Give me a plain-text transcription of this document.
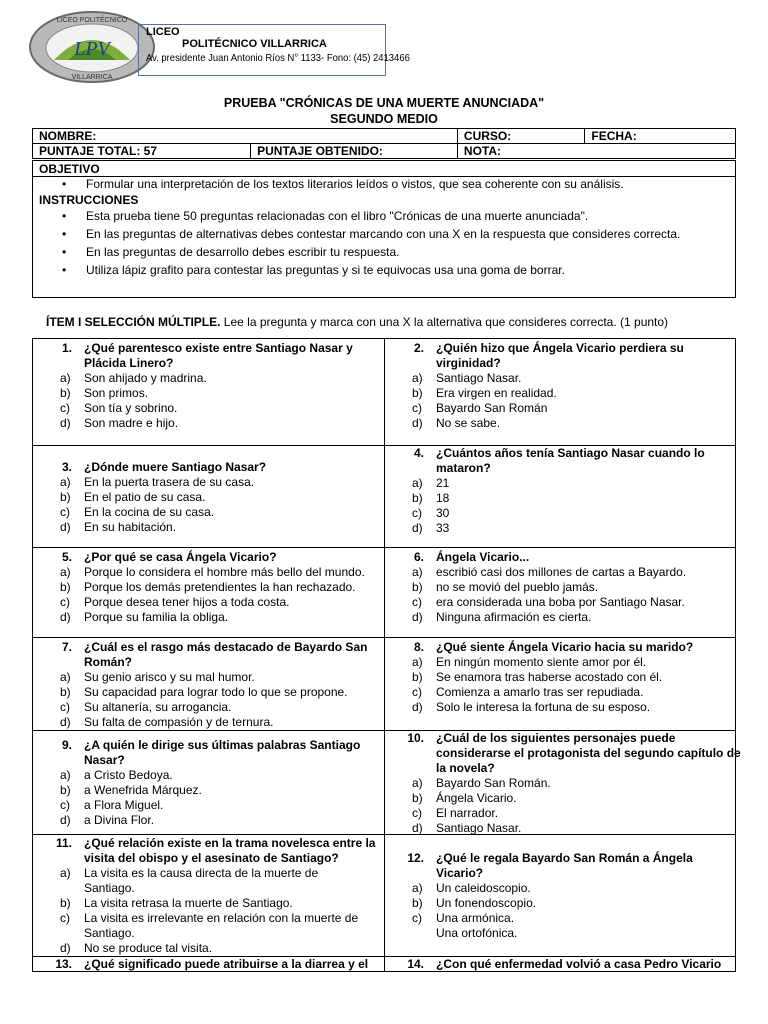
LPV
LICEO POLITÉCNICO
VILLARRICA
LICEO
POLITÉCNICO VILLARRICA
Av. presidente Juan Antonio Ríos N° 1133- Fono: (45) 2413466
PRUEBA "CRÓNICAS DE UNA MUERTE ANUNCIADA"
SEGUNDO MEDIO
NOMBRE:		CURSO:	FECHA:
PUNTAJE TOTAL: 57	PUNTAJE OBTENIDO:	NOTA:	
OBJETIVO
• Formular una interpretación de los textos literarios leídos o vistos, que sea coherente con su análisis.
INSTRUCCIONES
• Esta prueba tiene 50 preguntas relacionadas con el libro "Crónicas de una muerte anunciada".
• En las preguntas de alternativas debes contestar marcando con una X en la respuesta que consideres correcta.
• En las preguntas de desarrollo debes escribir tu respuesta.
• Utiliza lápiz grafito para contestar las preguntas y si te equivocas usa una goma de borrar.
ÍTEM I SELECCIÓN MÚLTIPLE. Lee la pregunta y marca con una X la alternativa que consideres correcta. (1 punto)
1. ¿Qué parentesco existe entre Santiago Nasar y
Plácida Linero?
a) Son ahijado y madrina.
b) Son primos.
c) Son tía y sobrino.
d) Son madre e hijo.
2. ¿Quién hizo que Ángela Vicario perdiera su
virginidad?
a) Santiago Nasar.
b) Era virgen en realidad.
c) Bayardo San Román
d) No se sabe.
3. ¿Dónde muere Santiago Nasar?
a) En la puerta trasera de su casa.
b) En el patio de su casa.
c) En la cocina de su casa.
d) En su habitación.
4. ¿Cuántos años tenía Santiago Nasar cuando lo
mataron?
a) 21
b) 18
c) 30
d) 33
5. ¿Por qué se casa Ángela Vicario?
a) Porque lo considera el hombre más bello del mundo.
b) Porque los demás pretendientes la han rechazado.
c) Porque desea tener hijos a toda costa.
d) Porque su familia la obliga.
6. Ángela Vicario...
a) escribió casi dos millones de cartas a Bayardo.
b) no se movió del pueblo jamás.
c) era considerada una boba por Santiago Nasar.
d) Ninguna afirmación es cierta.
7. ¿Cuál es el rasgo más destacado de Bayardo San
Román?
a) Su genio arisco y su mal humor.
b) Su capacidad para lograr todo lo que se propone.
c) Su altanería, su arrogancia.
d) Su falta de compasión y de ternura.
8. ¿Qué siente Ángela Vicario hacia su marido?
a) En ningún momento siente amor por él.
b) Se enamora tras haberse acostado con él.
c) Comienza a amarlo tras ser repudiada.
d) Solo le interesa la fortuna de su esposo.
9. ¿A quién le dirige sus últimas palabras Santiago
Nasar?
a) a Cristo Bedoya.
b) a Wenefrida Márquez.
c) a Flora Miguel.
d) a Divina Flor.
10. ¿Cuál de los siguientes personajes puede
considerarse el protagonista del segundo capítulo de
la novela?
a) Bayardo San Román.
b) Ángela Vicario.
c) El narrador.
d) Santiago Nasar.
11. ¿Qué relación existe en la trama novelesca entre la
visita del obispo y el asesinato de Santiago?
a) La visita es la causa directa de la muerte de
Santiago.
b) La visita retrasa la muerte de Santiago.
c) La visita es irrelevante en relación con la muerte de
Santiago.
d) No se produce tal visita.
12. ¿Qué le regala Bayardo San Román a Ángela
Vicario?
a) Un caleidoscopio.
b) Un fonendoscopio.
c) Una armónica.
Una ortofónica.
13. ¿Qué significado puede atribuirse a la diarrea y el	14. ¿Con qué enfermedad volvió a casa Pedro Vicario
